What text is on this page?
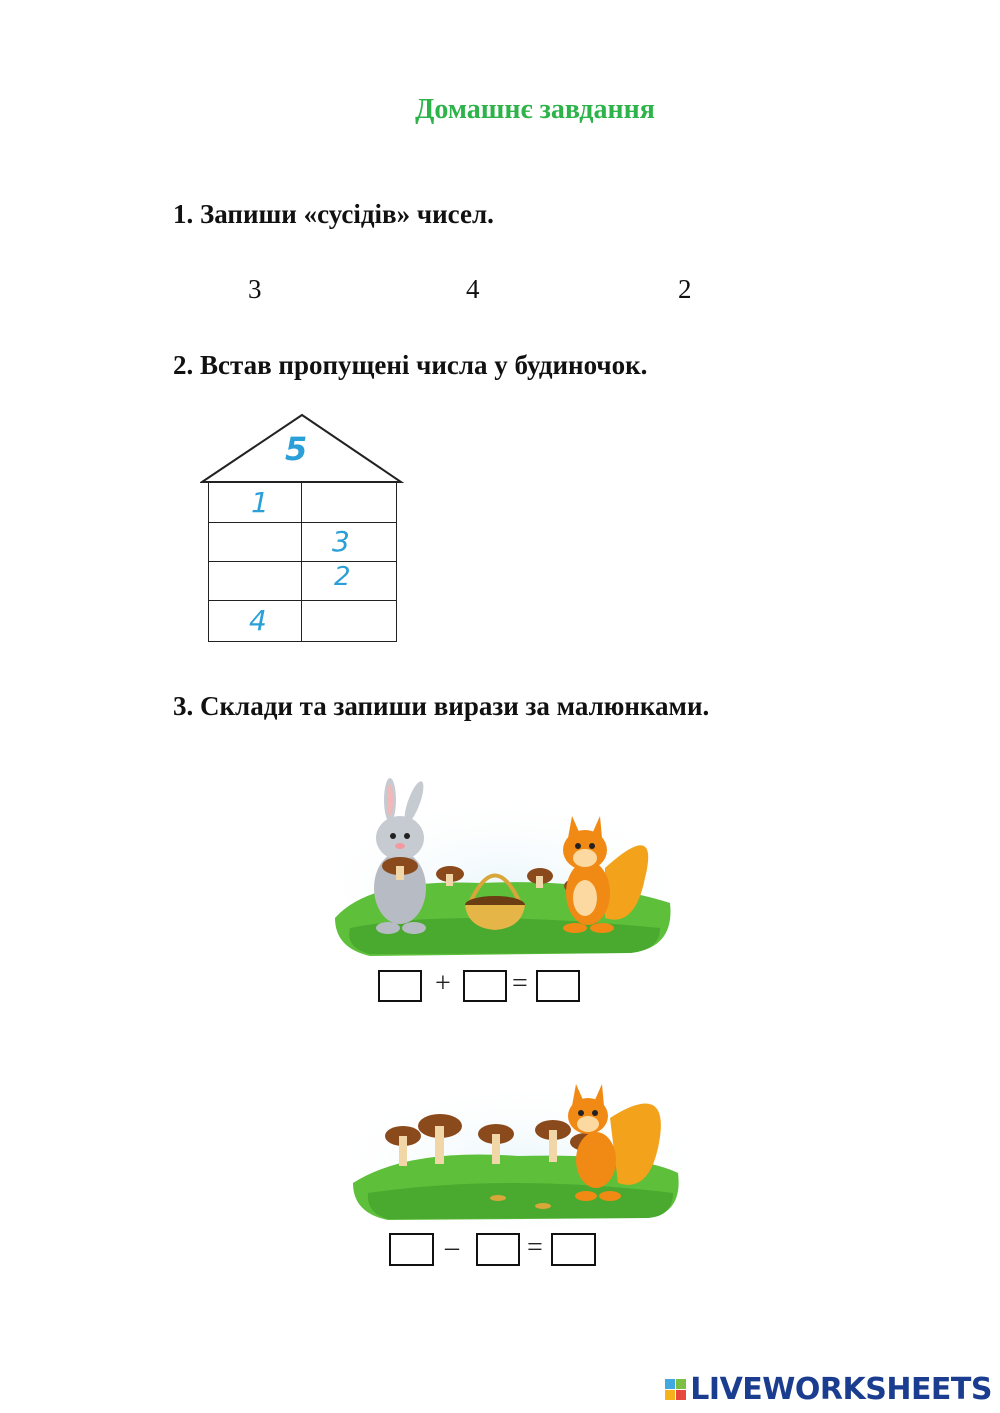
Домашнє завдання
1. Запиши «сусідів» чисел.
3	4	2
2. Встав пропущені числа у будиночок.
5
1
3
2
4
3. Склади та запиши вирази за малюнками.
+ =
– =
LIVEWORKSHEETS
